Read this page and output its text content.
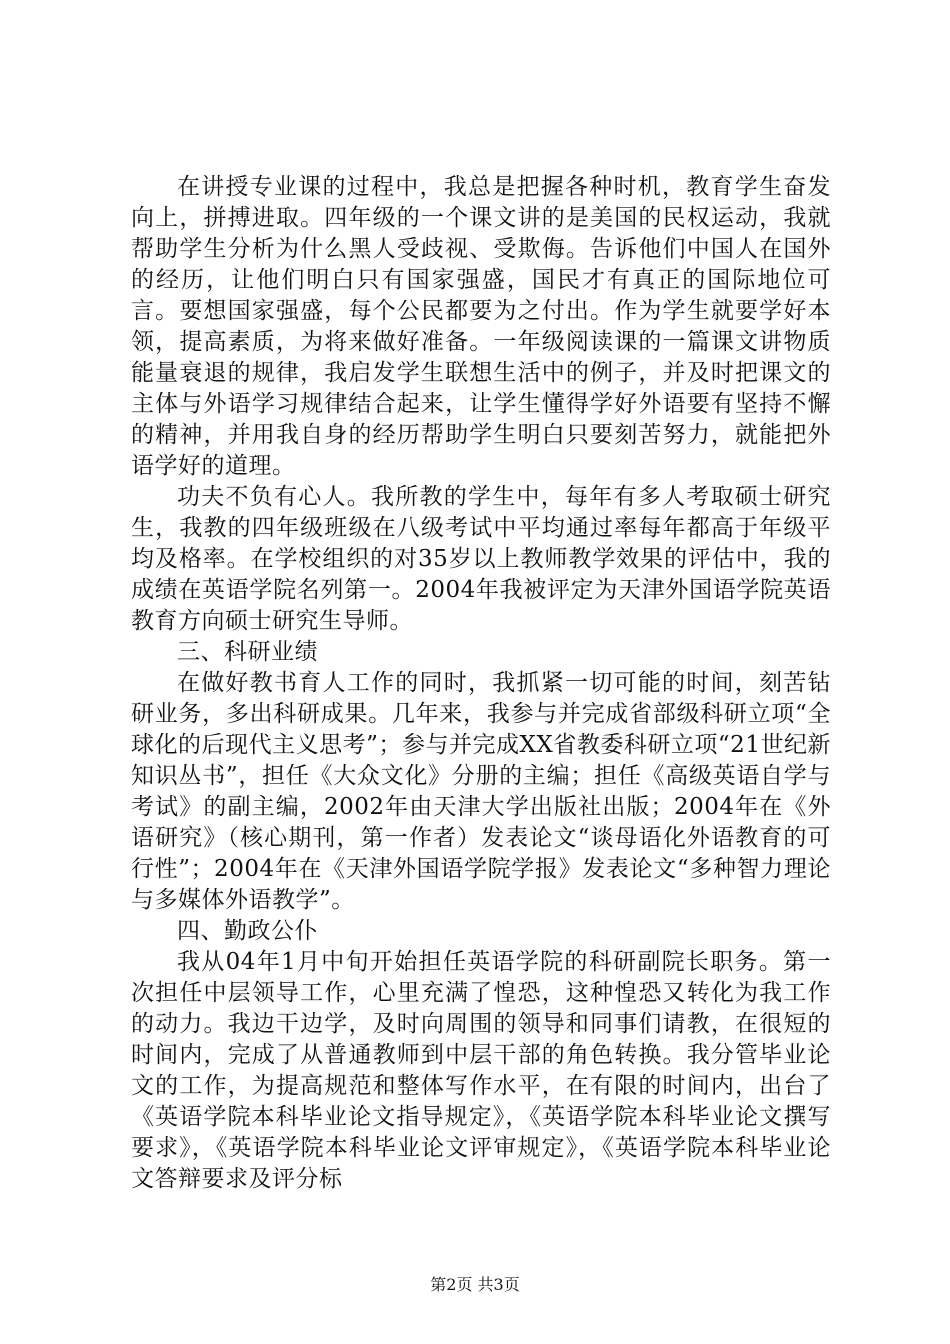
在讲授专业课的过程中，我总是把握各种时机，教育学生奋发向上，拼搏进取。四年级的一个课文讲的是美国的民权运动，我就帮助学生分析为什么黑人受歧视、受欺侮。告诉他们中国人在国外的经历，让他们明白只有国家强盛，国民才有真正的国际地位可言。要想国家强盛，每个公民都要为之付出。作为学生就要学好本领，提高素质，为将来做好准备。一年级阅读课的一篇课文讲物质能量衰退的规律，我启发学生联想生活中的例子，并及时把课文的主体与外语学习规律结合起来，让学生懂得学好外语要有坚持不懈的精神，并用我自身的经历帮助学生明白只要刻苦努力，就能把外语学好的道理。

功夫不负有心人。我所教的学生中，每年有多人考取硕士研究生，我教的四年级班级在八级考试中平均通过率每年都高于年级平均及格率。在学校组织的对35岁以上教师教学效果的评估中，我的成绩在英语学院名列第一。2004年我被评定为天津外国语学院英语教育方向硕士研究生导师。

三、科研业绩

在做好教书育人工作的同时，我抓紧一切可能的时间，刻苦钻研业务，多出科研成果。几年来，我参与并完成省部级科研立项“全球化的后现代主义思考”；参与并完成XX省教委科研立项“21世纪新知识丛书”，担任《大众文化》分册的主编；担任《高级英语自学与考试》的副主编，2002年由天津大学出版社出版；2004年在《外语研究》（核心期刊，第一作者）发表论文“谈母语化外语教育的可行性”；2004年在《天津外国语学院学报》发表论文“多种智力理论与多媒体外语教学”。

四、勤政公仆

我从04年1月中旬开始担任英语学院的科研副院长职务。第一次担任中层领导工作，心里充满了惶恐，这种惶恐又转化为我工作的动力。我边干边学，及时向周围的领导和同事们请教，在很短的时间内，完成了从普通教师到中层干部的角色转换。我分管毕业论文的工作，为提高规范和整体写作水平，在有限的时间内，出台了《英语学院本科毕业论文指导规定》，《英语学院本科毕业论文撰写要求》，《英语学院本科毕业论文评审规定》，《英语学院本科毕业论文答辩要求及评分标

第2页 共3页
